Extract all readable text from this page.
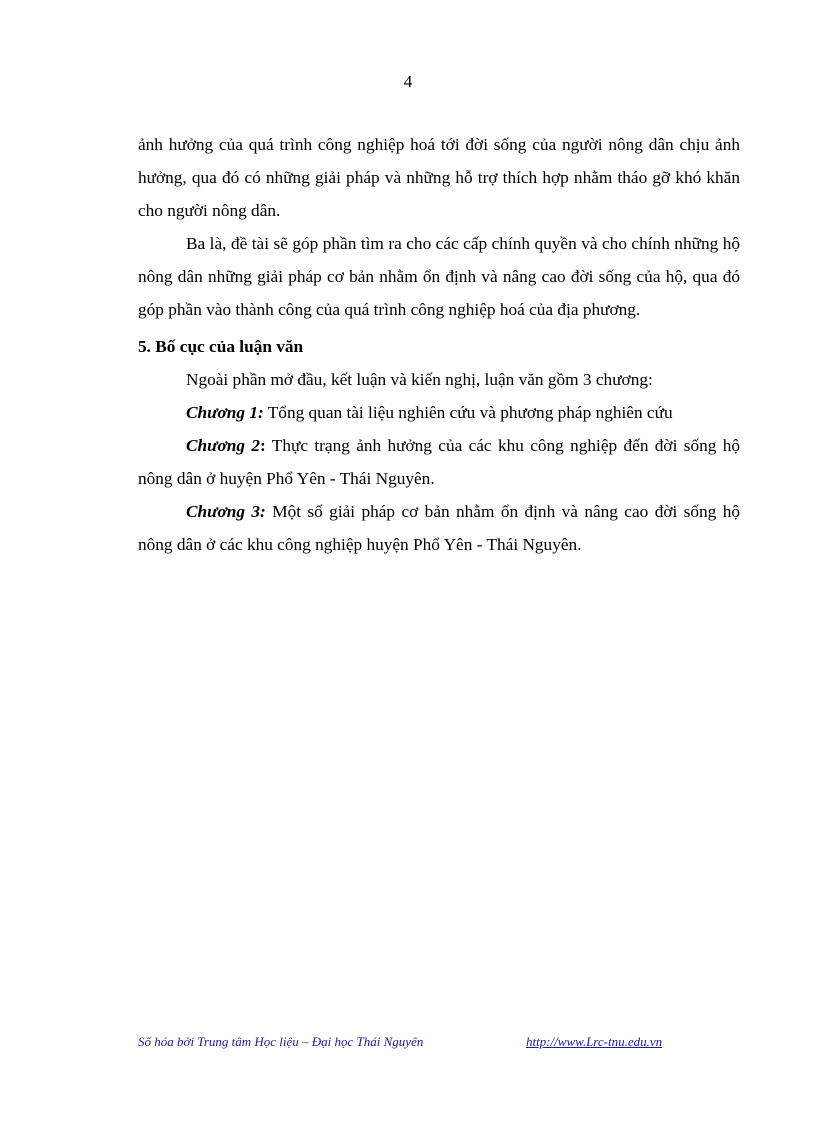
4

ảnh hưởng của quá trình công nghiệp hoá tới đời sống của người nông dân chịu ảnh hưởng, qua đó có những giải pháp và những hỗ trợ thích hợp nhằm tháo gỡ khó khăn cho người nông dân.

Ba là, đề tài sẽ góp phần tìm ra cho các cấp chính quyền và cho chính những hộ nông dân những giải pháp cơ bản nhằm ổn định và nâng cao đời sống của hộ, qua đó góp phần vào thành công của quá trình công nghiệp hoá của địa phương.

5. Bố cục của luận văn

Ngoài phần mở đầu, kết luận và kiến nghị, luận văn gồm 3 chương:

Chương 1: Tổng quan tài liệu nghiên cứu và phương pháp nghiên cứu

Chương 2: Thực trạng ảnh hưởng của các khu công nghiệp đến đời sống hộ nông dân ở huyện Phổ Yên - Thái Nguyên.

Chương 3: Một số giải pháp cơ bản nhằm ổn định và nâng cao đời sống hộ nông dân ở các khu công nghiệp huyện Phổ Yên - Thái Nguyên.

Số hóa bởi Trung tâm Học liệu – Đại học Thái Nguyên	http://www.Lrc-tnu.edu.vn
